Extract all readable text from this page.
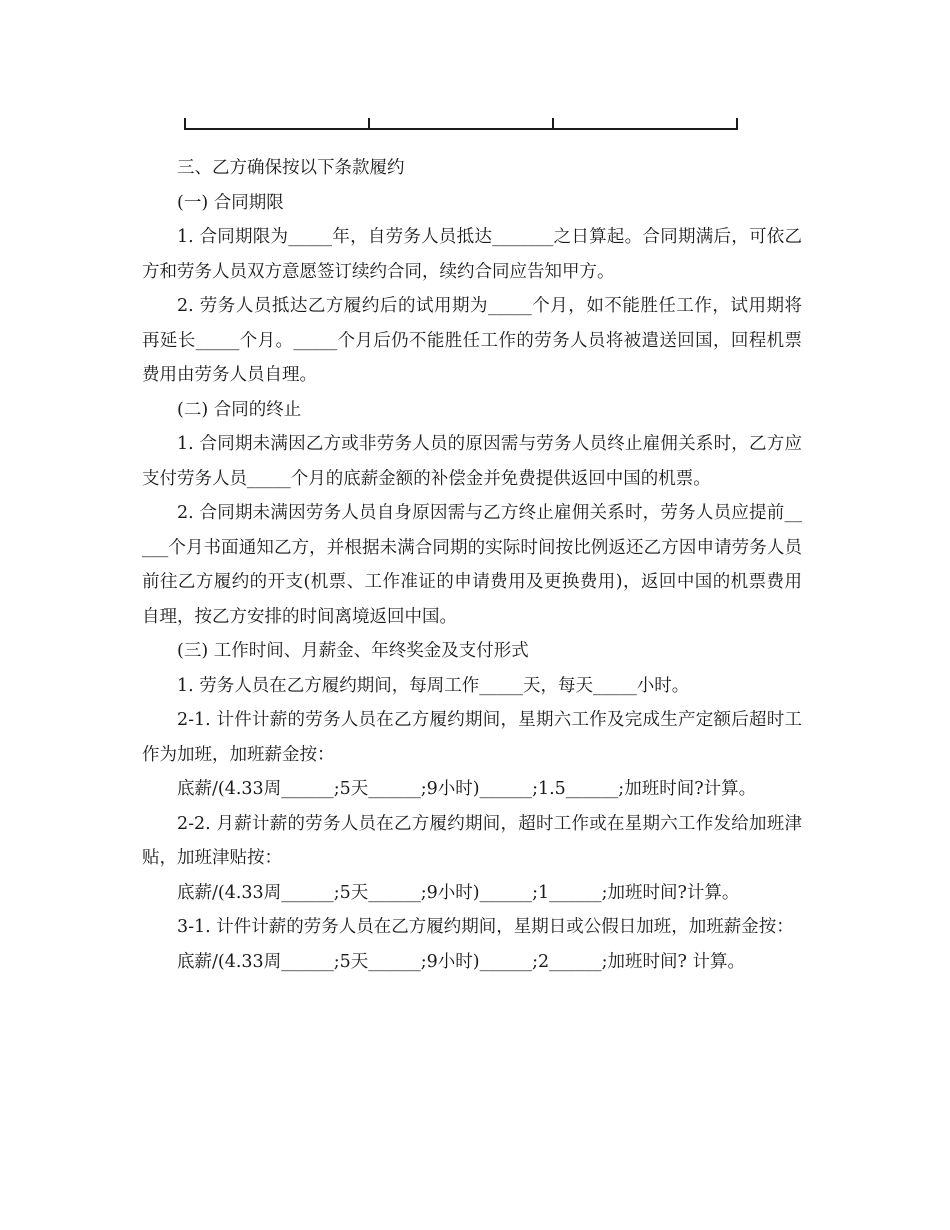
三、乙方确保按以下条款履约

(一) 合同期限

1. 合同期限为_____年，自劳务人员抵达_______之日算起。合同期满后，可依乙方和劳务人员双方意愿签订续约合同，续约合同应告知甲方。

2. 劳务人员抵达乙方履约后的试用期为_____个月，如不能胜任工作，试用期将再延长_____个月。_____个月后仍不能胜任工作的劳务人员将被遣送回国，回程机票费用由劳务人员自理。

(二) 合同的终止

1. 合同期未满因乙方或非劳务人员的原因需与劳务人员终止雇佣关系时，乙方应支付劳务人员_____个月的底薪金额的补偿金并免费提供返回中国的机票。

2. 合同期未满因劳务人员自身原因需与乙方终止雇佣关系时，劳务人员应提前_____个月书面通知乙方，并根据未满合同期的实际时间按比例返还乙方因申请劳务人员前往乙方履约的开支(机票、工作准证的申请费用及更换费用)，返回中国的机票费用自理，按乙方安排的时间离境返回中国。

(三) 工作时间、月薪金、年终奖金及支付形式

1. 劳务人员在乙方履约期间，每周工作_____天，每天_____小时。

2-1. 计件计薪的劳务人员在乙方履约期间，星期六工作及完成生产定额后超时工作为加班，加班薪金按：

底薪/(4.33周______;5天______;9小时)______;1.5______;加班时间?计算。

2-2. 月薪计薪的劳务人员在乙方履约期间，超时工作或在星期六工作发给加班津贴，加班津贴按：

底薪/(4.33周______;5天______;9小时)______;1______;加班时间?计算。

3-1. 计件计薪的劳务人员在乙方履约期间，星期日或公假日加班，加班薪金按：

底薪/(4.33周______;5天______;9小时)______;2______;加班时间? 计算。
